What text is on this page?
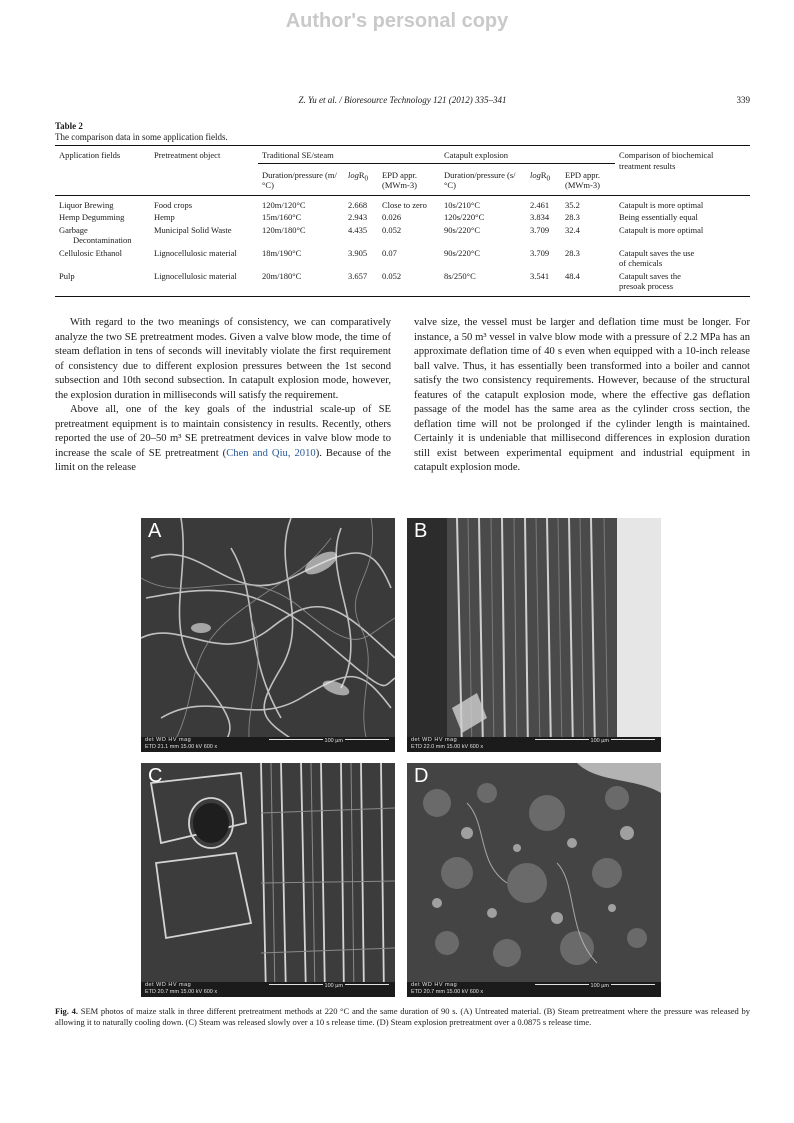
Author's personal copy
Z. Yu et al. / Bioresource Technology 121 (2012) 335–341	339
Table 2
The comparison data in some application fields.
Application fields	Pretreatment object	Traditional SE/steam			Catapult explosion			Comparison of biochemical treatment results
		Duration/pressure (m/°C)	logR$_0$	EPD appr. (MWm-3)	Duration/pressure (s/°C)	logR$_0$	EPD appr. (MWm-3)	
Liquor Brewing	Food crops	120m/120°C	2.668	Close to zero	10s/210°C	2.461	35.2	Catapult is more optimal
Hemp Degumming	Hemp	15m/160°C	2.943	0.026	120s/220°C	3.834	28.3	Being essentially equal

Garbage
Decontamination	Municipal Solid Waste	120m/180°C	4.435	0.052	90s/220°C	3.709	32.4	Catapult is more optimal
Cellulosic Ethanol	Lignocellulosic material	18m/190°C	3.905	0.07	90s/220°C	3.709	28.3	Catapult saves the use
of chemicals

Pulp	Lignocellulosic material	20m/180°C	3.657	0.052	8s/250°C	3.541	48.4	Catapult saves the
presoak process

With regard to the two meanings of consistency, we can comparatively analyze the two SE pretreatment modes. Given a valve blow mode, the time of steam deflation in tens of seconds will inevitably violate the first requirement of consistency due to different explosion pressures between the 1st second subsection and 10th second subsection. In catapult explosion mode, however, the explosion duration in milliseconds will satisfy the requirement.

Above all, one of the key goals of the industrial scale-up of SE pretreatment equipment is to maintain consistency in results. Recently, others reported the use of 20–50 m³ SE pretreatment devices in valve blow mode to increase the scale of SE pretreatment (Chen and Qiu, 2010). Because of the limit on the release

valve size, the vessel must be larger and deflation time must be longer. For instance, a 50 m³ vessel in valve blow mode with a pressure of 2.2 MPa has an approximate deflation time of 40 s even when equipped with a 10-inch release ball valve. Thus, it has essentially been transformed into a boiler and cannot satisfy the two consistency requirements. However, because of the structural features of the catapult explosion mode, where the effective gas deflation passage of the model has the same area as the cylinder cross section, the deflation time will not be prolonged if the cylinder length is maintained. Certainly it is undeniable that millisecond differences in explosion duration still exist between experimental equipment and industrial equipment in catapult explosion mode.

A
det WD HV mag
ETD 21.1 mm 15.00 kV 600 x
100 µm
B
det WD HV mag
ETD 22.0 mm 15.00 kV 600 x
100 µm
C
det WD HV mag
ETD 20.7 mm 15.00 kV 600 x
100 µm
D
det WD HV mag
ETD 20.7 mm 15.00 kV 600 x
100 µm
Fig. 4. SEM photos of maize stalk in three different pretreatment methods at 220 °C and the same duration of 90 s. (A) Untreated material. (B) Steam pretreatment where the pressure was released by allowing it to naturally cooling down. (C) Steam was released slowly over a 10 s release time. (D) Steam explosion pretreatment over a 0.0875 s release time.
